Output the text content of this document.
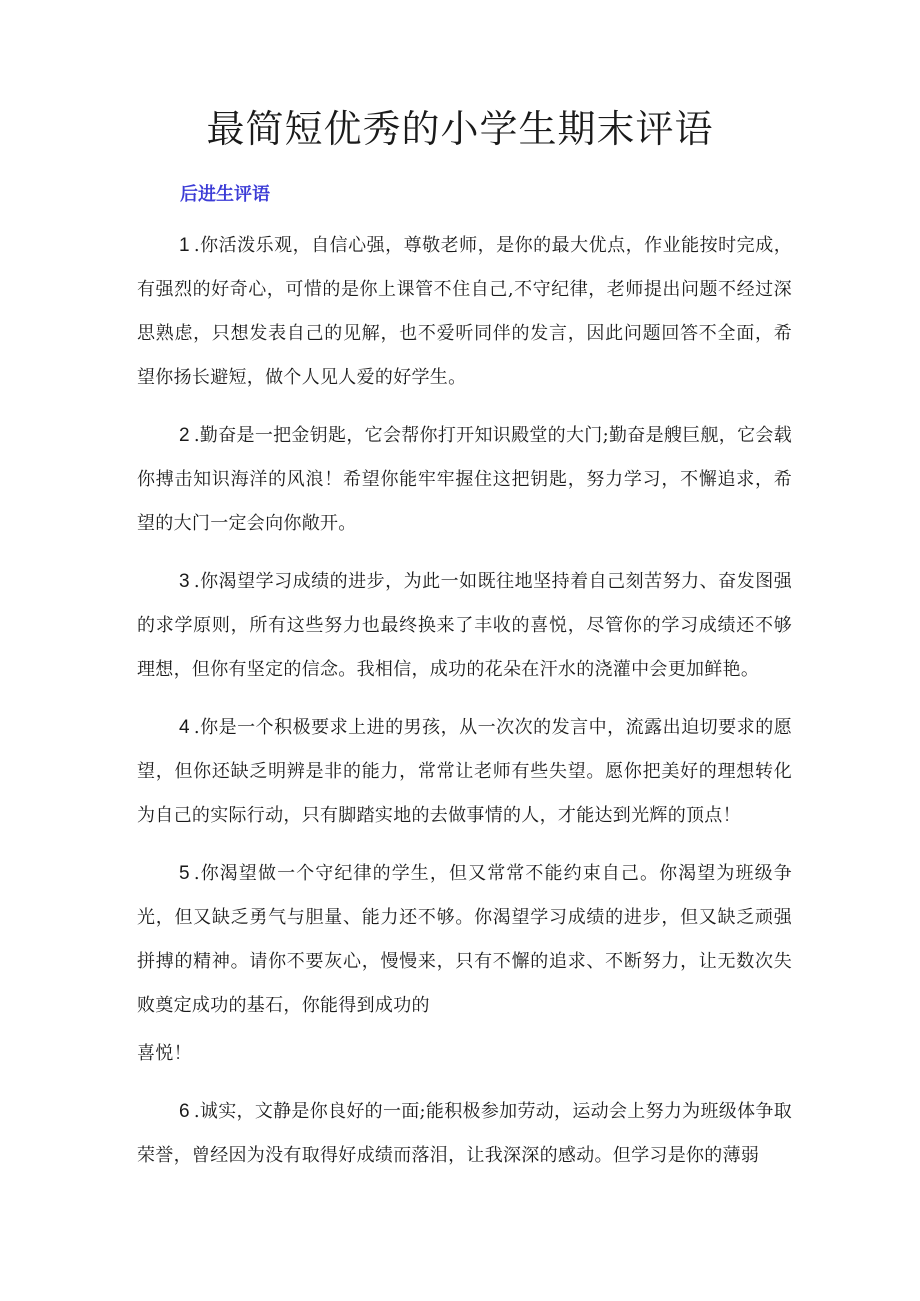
最简短优秀的小学生期末评语
后进生评语

1 .你活泼乐观，自信心强，尊敬老师，是你的最大优点，作业能按时完成，有强烈的好奇心，可惜的是你上课管不住自己,不守纪律，老师提出问题不经过深思熟虑，只想发表自己的见解，也不爱听同伴的发言，因此问题回答不全面，希望你扬长避短，做个人见人爱的好学生。

2 .勤奋是一把金钥匙，它会帮你打开知识殿堂的大门;勤奋是艘巨舰，它会载你搏击知识海洋的风浪！希望你能牢牢握住这把钥匙，努力学习，不懈追求，希望的大门一定会向你敞开。

3 .你渴望学习成绩的进步，为此一如既往地坚持着自己刻苦努力、奋发图强的求学原则，所有这些努力也最终换来了丰收的喜悦，尽管你的学习成绩还不够理想，但你有坚定的信念。我相信，成功的花朵在汗水的浇灌中会更加鲜艳。

4 .你是一个积极要求上进的男孩，从一次次的发言中，流露出迫切要求的愿望，但你还缺乏明辨是非的能力，常常让老师有些失望。愿你把美好的理想转化为自己的实际行动，只有脚踏实地的去做事情的人，才能达到光辉的顶点！

5 .你渴望做一个守纪律的学生，但又常常不能约束自己。你渴望为班级争光，但又缺乏勇气与胆量、能力还不够。你渴望学习成绩的进步，但又缺乏顽强拼搏的精神。请你不要灰心，慢慢来，只有不懈的追求、不断努力，让无数次失败奠定成功的基石，你能得到成功的

喜悦！

6 .诚实，文静是你良好的一面;能积极参加劳动，运动会上努力为班级体争取荣誉，曾经因为没有取得好成绩而落泪，让我深深的感动。但学习是你的薄弱
